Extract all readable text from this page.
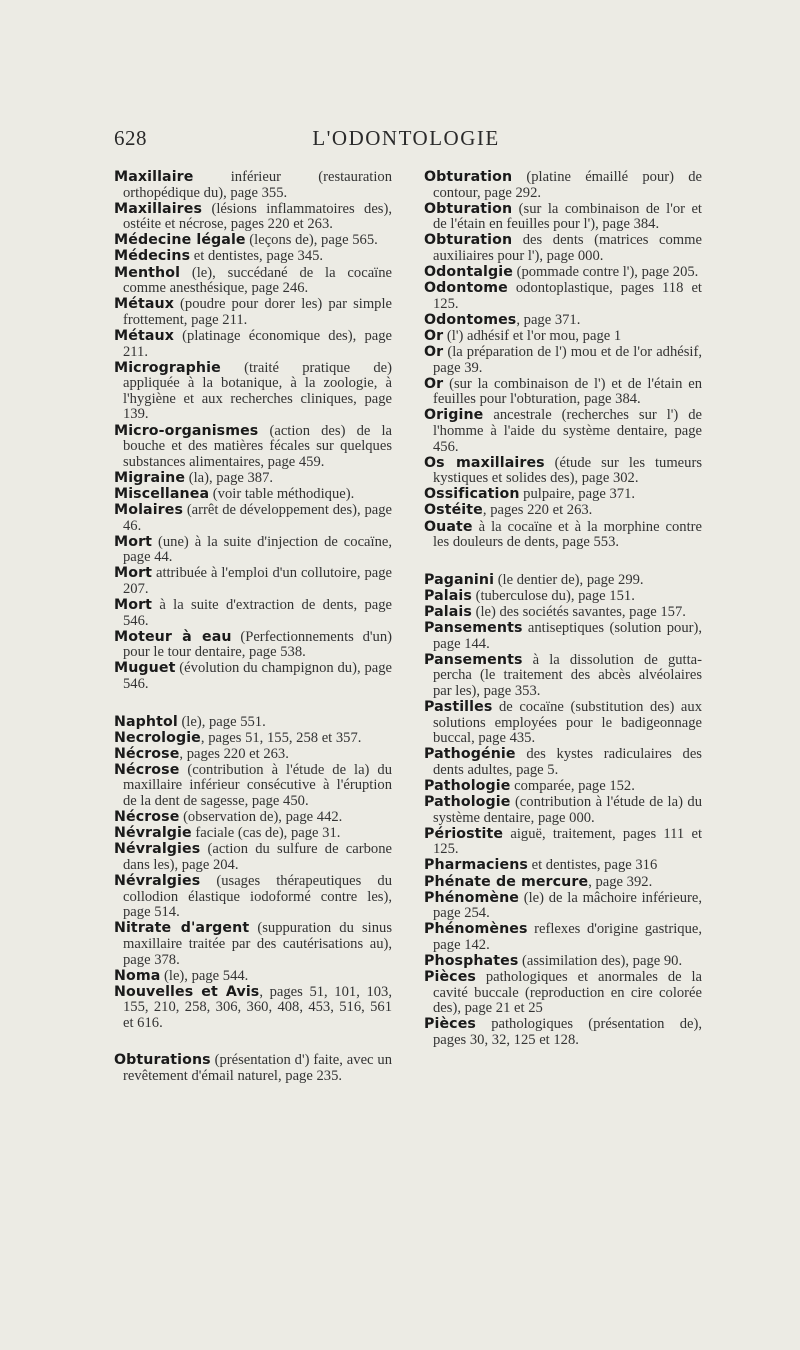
628	L'ODONTOLOGIE

Maxillaire inférieur (restauration orthopédique du), page 355.

Maxillaires (lésions inflammatoires des), ostéite et nécrose, pages 220 et 263.

Médecine légale (leçons de), page 565.

Médecins et dentistes, page 345.

Menthol (le), succédané de la cocaïne comme anesthésique, page 246.

Métaux (poudre pour dorer les) par simple frottement, page 211.

Métaux (platinage économique des), page 211.

Micrographie (traité pratique de) appliquée à la botanique, à la zoologie, à l'hygiène et aux recherches cliniques, page 139.

Micro-organismes (action des) de la bouche et des matières fécales sur quelques substances alimentaires, page 459.

Migraine (la), page 387.

Miscellanea (voir table méthodique).

Molaires (arrêt de développement des), page 46.

Mort (une) à la suite d'injection de cocaïne, page 44.

Mort attribuée à l'emploi d'un collutoire, page 207.

Mort à la suite d'extraction de dents, page 546.

Moteur à eau (Perfectionnements d'un) pour le tour dentaire, page 538.

Muguet (évolution du champignon du), page 546.

Naphtol (le), page 551.

Necrologie, pages 51, 155, 258 et 357.

Nécrose, pages 220 et 263.

Nécrose (contribution à l'étude de la) du maxillaire inférieur consécutive à l'éruption de la dent de sagesse, page 450.

Nécrose (observation de), page 442.

Névralgie faciale (cas de), page 31.

Névralgies (action du sulfure de carbone dans les), page 204.

Névralgies (usages thérapeutiques du collodion élastique iodoformé contre les), page 514.

Nitrate d'argent (suppuration du sinus maxillaire traitée par des cautérisations au), page 378.

Noma (le), page 544.

Nouvelles et Avis, pages 51, 101, 103, 155, 210, 258, 306, 360, 408, 453, 516, 561 et 616.

Obturations (présentation d') faite, avec un revêtement d'émail naturel, page 235.

Obturation (platine émaillé pour) de contour, page 292.

Obturation (sur la combinaison de l'or et de l'étain en feuilles pour l'), page 384.

Obturation des dents (matrices comme auxiliaires pour l'), page 000.

Odontalgie (pommade contre l'), page 205.

Odontome odontoplastique, pages 118 et 125.

Odontomes, page 371.

Or (l') adhésif et l'or mou, page 1

Or (la préparation de l') mou et de l'or adhésif, page 39.

Or (sur la combinaison de l') et de l'étain en feuilles pour l'obturation, page 384.

Origine ancestrale (recherches sur l') de l'homme à l'aide du système dentaire, page 456.

Os maxillaires (étude sur les tumeurs kystiques et solides des), page 302.

Ossification pulpaire, page 371.

Ostéite, pages 220 et 263.

Ouate à la cocaïne et à la morphine contre les douleurs de dents, page 553.

Paganini (le dentier de), page 299.

Palais (tuberculose du), page 151.

Palais (le) des sociétés savantes, page 157.

Pansements antiseptiques (solution pour), page 144.

Pansements à la dissolution de gutta-percha (le traitement des abcès alvéolaires par les), page 353.

Pastilles de cocaïne (substitution des) aux solutions employées pour le badigeonnage buccal, page 435.

Pathogénie des kystes radiculaires des dents adultes, page 5.

Pathologie comparée, page 152.

Pathologie (contribution à l'étude de la) du système dentaire, page 000.

Périostite aiguë, traitement, pages 111 et 125.

Pharmaciens et dentistes, page 316

Phénate de mercure, page 392.

Phénomène (le) de la mâchoire inférieure, page 254.

Phénomènes reflexes d'origine gastrique, page 142.

Phosphates (assimilation des), page 90.

Pièces pathologiques et anormales de la cavité buccale (reproduction en cire colorée des), page 21 et 25

Pièces pathologiques (présentation de), pages 30, 32, 125 et 128.
